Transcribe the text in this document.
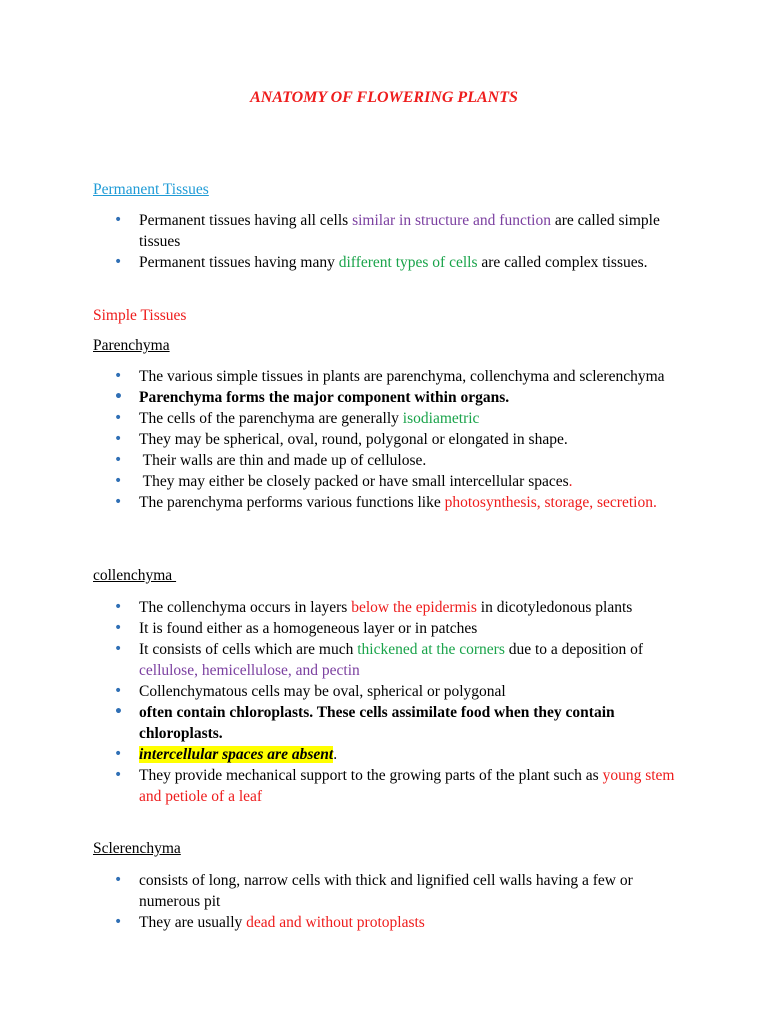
ANATOMY OF FLOWERING PLANTS
Permanent Tissues
• Permanent tissues having all cells similar in structure and function are called simple tissues
• Permanent tissues having many different types of cells are called complex tissues.
Simple Tissues
Parenchyma
• The various simple tissues in plants are parenchyma, collenchyma and sclerenchyma
• Parenchyma forms the major component within organs.
• The cells of the parenchyma are generally isodiametric
• They may be spherical, oval, round, polygonal or elongated in shape.
•  Their walls are thin and made up of cellulose.
•  They may either be closely packed or have small intercellular spaces.
• The parenchyma performs various functions like photosynthesis, storage, secretion.
collenchyma
• The collenchyma occurs in layers below the epidermis in dicotyledonous plants
• It is found either as a homogeneous layer or in patches
• It consists of cells which are much thickened at the corners due to a deposition of cellulose, hemicellulose, and pectin
• Collenchymatous cells may be oval, spherical or polygonal
• often contain chloroplasts. These cells assimilate food when they contain chloroplasts.
• intercellular spaces are absent.
• They provide mechanical support to the growing parts of the plant such as young stem and petiole of a leaf
Sclerenchyma
• consists of long, narrow cells with thick and lignified cell walls having a few or numerous pit
• They are usually dead and without protoplasts
